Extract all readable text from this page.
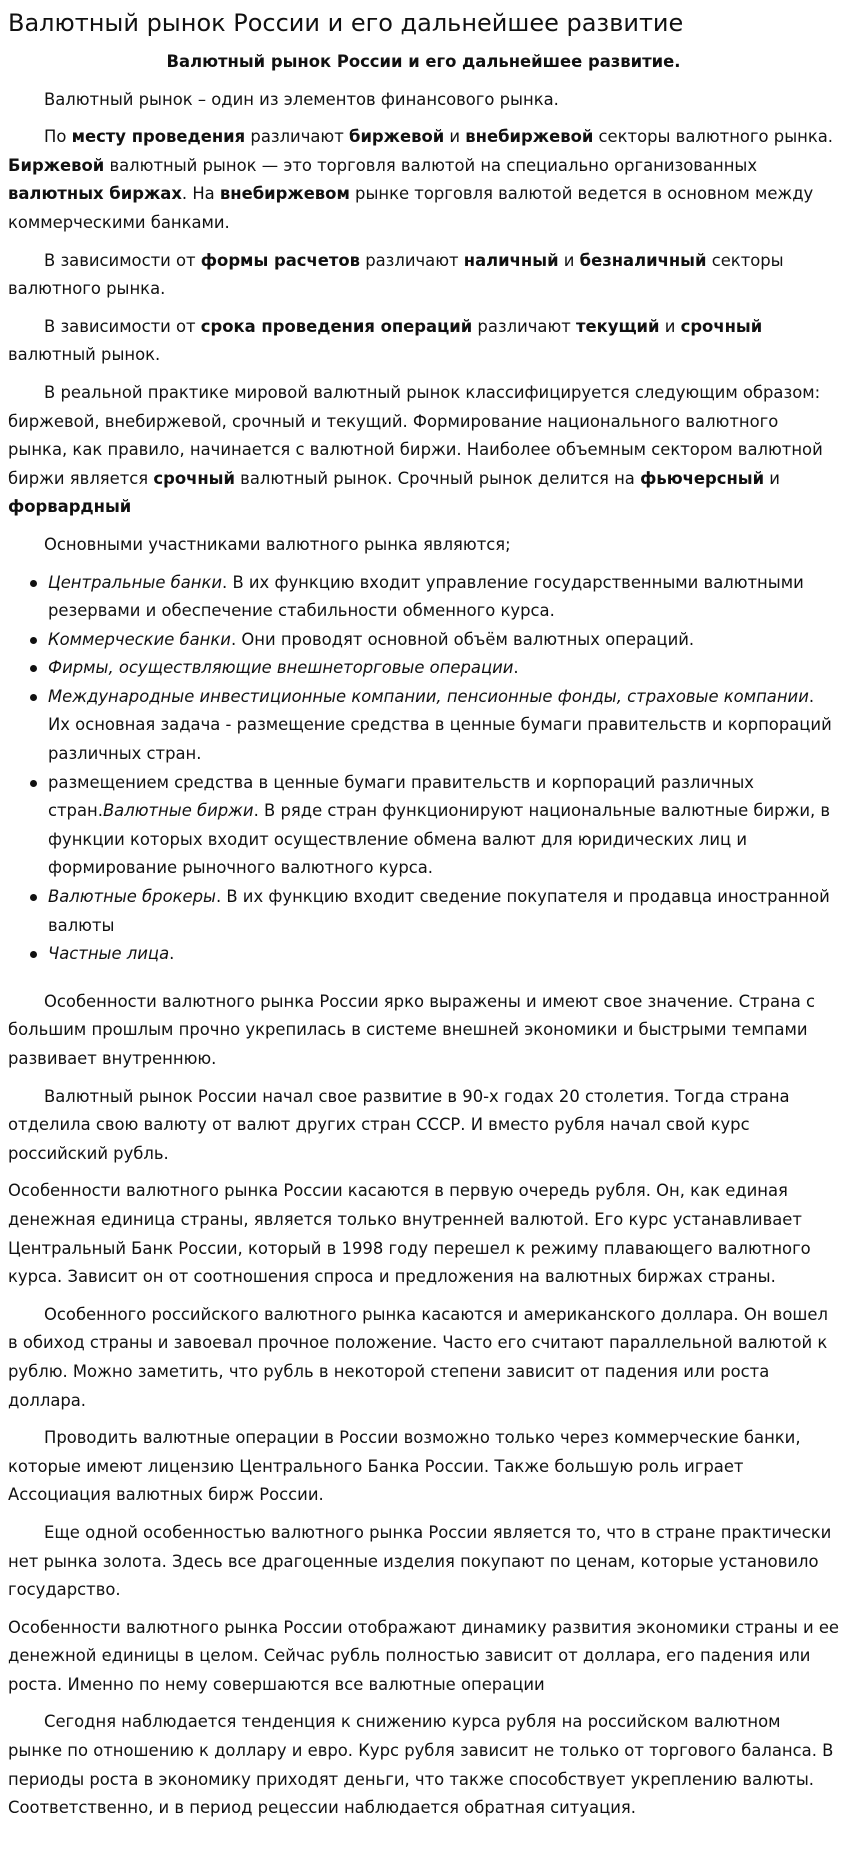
Валютный рынок России и его дальнейшее развитие

Валютный рынок России и его дальнейшее развитие.

Валютный рынок – один из элементов финансового рынка.

По месту проведения различают биржевой и внебиржевой секторы валютного рынка. Биржевой валютный рынок — это торговля валютой на специально организованных валютных биржах. На внебиржевом рынке торговля валютой ведется в основном между коммерческими банками.

В зависимости от формы расчетов различают наличный и безналичный секторы валютного рынка.

В зависимости от срока проведения операций различают текущий и срочный валютный рынок.

В реальной практике мировой валютный рынок классифицируется следующим образом: биржевой, внебиржевой, срочный и текущий. Формирование национального валютного рынка, как правило, начинается с валютной биржи. Наиболее объемным сектором валютной биржи является срочный валютный рынок. Срочный рынок делится на фьючерсный и форвардный

Основными участниками валютного рынка являются;

Центральные банки. В их функцию входит управление государственными валютными резервами и обеспечение стабильности обменного курса.
Коммерческие банки. Они проводят основной объём валютных операций.
Фирмы, осуществляющие внешнеторговые операции.
Международные инвестиционные компании, пенсионные фонды, страховые компании. Их основная задача - размещение средства в ценные бумаги правительств и корпораций различных стран.
размещением средства в ценные бумаги правительств и корпораций различных стран.Валютные биржи. В ряде стран функционируют национальные валютные биржи, в функции которых входит осуществление обмена валют для юридических лиц и формирование рыночного валютного курса.
Валютные брокеры. В их функцию входит сведение покупателя и продавца иностранной валюты
Частные лица.

Особенности валютного рынка России ярко выражены и имеют свое значение. Страна с большим прошлым прочно укрепилась в системе внешней экономики и быстрыми темпами развивает внутреннюю.

Валютный рынок России начал свое развитие в 90-х годах 20 столетия. Тогда страна отделила свою валюту от валют других стран СССР. И вместо рубля начал свой курс российский рубль.

Особенности валютного рынка России касаются в первую очередь рубля. Он, как единая денежная единица страны, является только внутренней валютой. Его курс устанавливает Центральный Банк России, который в 1998 году перешел к режиму плавающего валютного курса. Зависит он от соотношения спроса и предложения на валютных биржах страны.

Особенного российского валютного рынка касаются и американского доллара. Он вошел в обиход страны и завоевал прочное положение. Часто его считают параллельной валютой к рублю. Можно заметить, что рубль в некоторой степени зависит от падения или роста доллара.

Проводить валютные операции в России возможно только через коммерческие банки, которые имеют лицензию Центрального Банка России. Также большую роль играет Ассоциация валютных бирж России.

Еще одной особенностью валютного рынка России является то, что в стране практически нет рынка золота. Здесь все драгоценные изделия покупают по ценам, которые установило государство.

Особенности валютного рынка России отображают динамику развития экономики страны и ее денежной единицы в целом. Сейчас рубль полностью зависит от доллара, его падения или роста. Именно по нему совершаются все валютные операции

Сегодня наблюдается тенденция к снижению курса рубля на российском валютном рынке по отношению к доллару и евро. Курс рубля зависит не только от торгового баланса. В периоды роста в экономику приходят деньги, что также способствует укреплению валюты. Соответственно, и в период рецессии наблюдается обратная ситуация.
